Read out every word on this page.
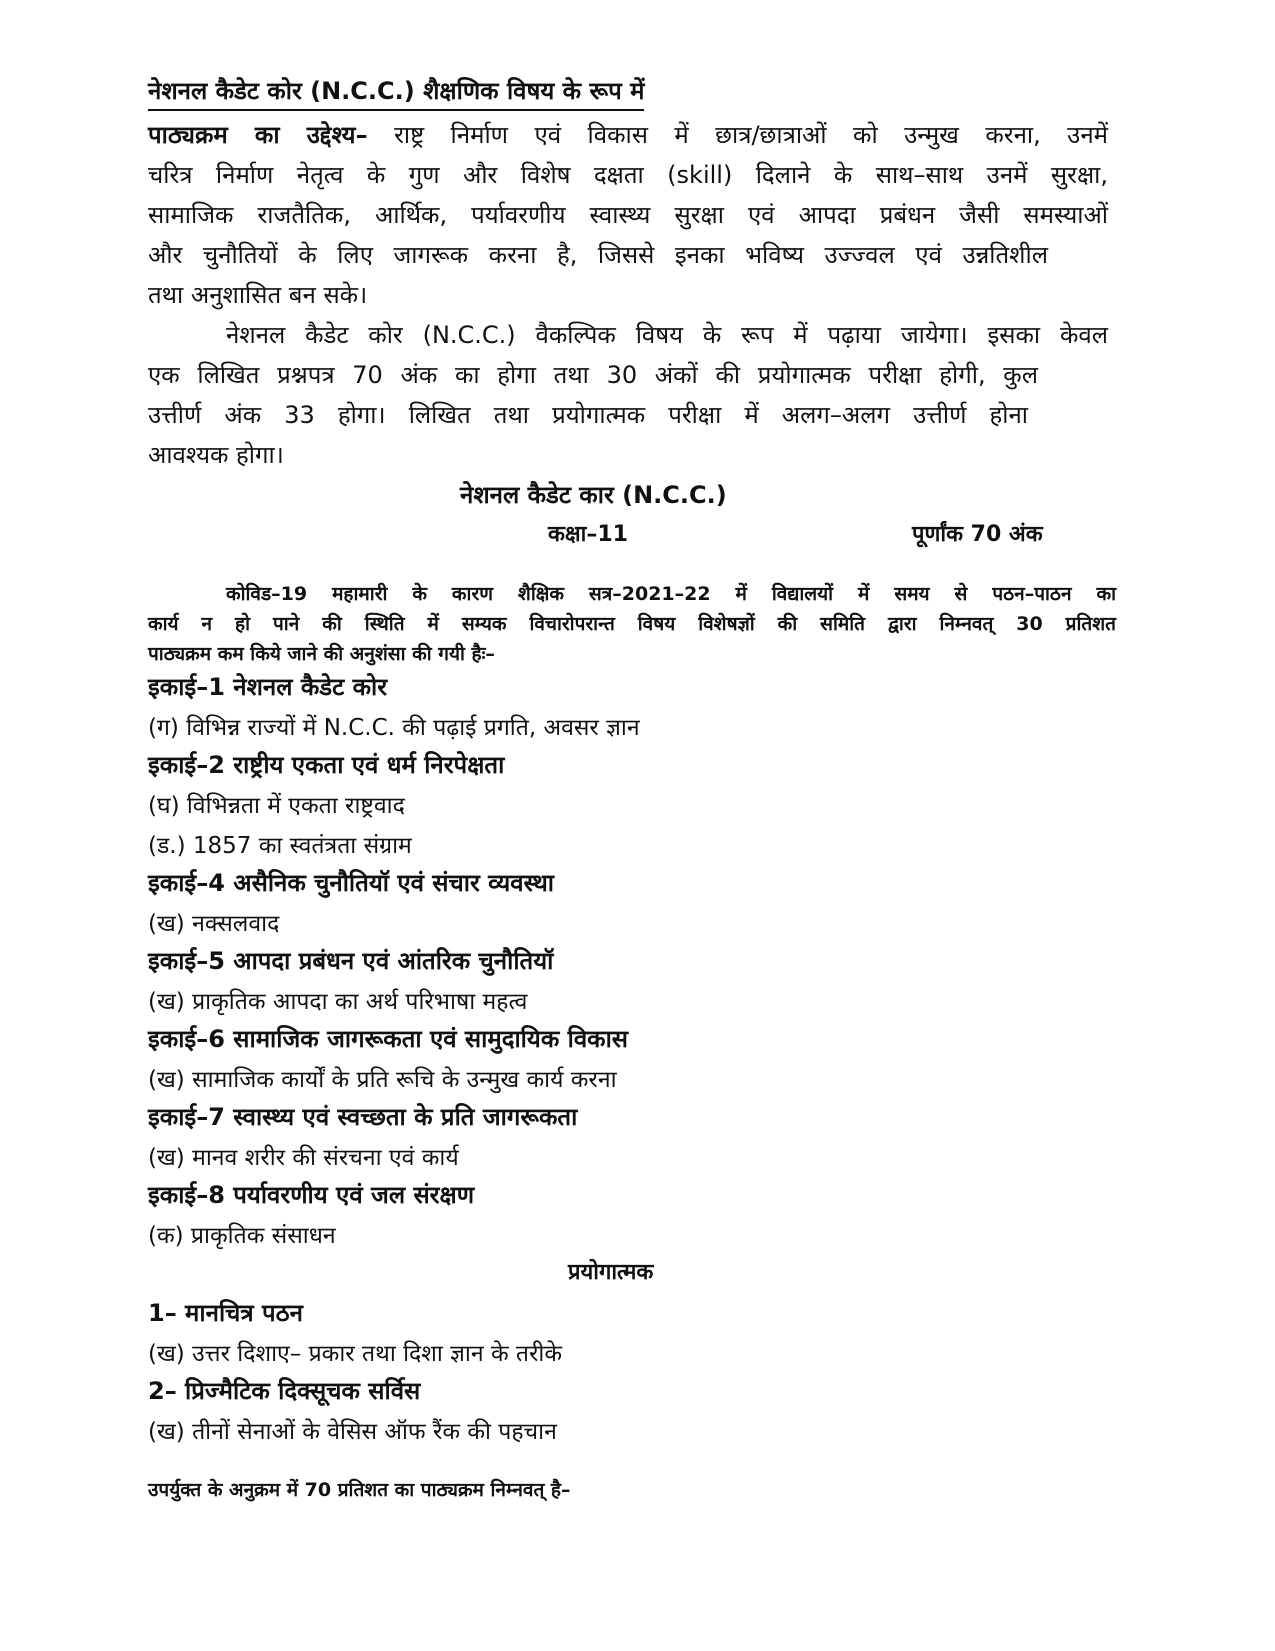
नेशनल कैडेट कोर (N.C.C.) शैक्षणिक विषय के रूप में
पाठ्यक्रम का उद्देश्य– राष्ट्र निर्माण एवं विकास में छात्र/छात्राओं को उन्मुख करना, उनमें
चरित्र निर्माण नेतृत्व के गुण और विशेष दक्षता (skill) दिलाने के साथ–साथ उनमें सुरक्षा,
सामाजिक राजतैतिक, आर्थिक, पर्यावरणीय स्वास्थ्य सुरक्षा एवं आपदा प्रबंधन जैसी समस्याओं
और चुनौतियों के लिए जागरूक करना है, जिससे इनका भविष्य उज्ज्वल एवं उन्नतिशील
तथा अनुशासित बन सके।
नेशनल कैडेट कोर (N.C.C.) वैकल्पिक विषय के रूप में पढ़ाया जायेगा। इसका केवल
एक लिखित प्रश्नपत्र 70 अंक का होगा तथा 30 अंकों की प्रयोगात्मक परीक्षा होगी, कुल
उत्तीर्ण अंक 33 होगा। लिखित तथा प्रयोगात्मक परीक्षा में अलग–अलग उत्तीर्ण होना
आवश्यक होगा।
नेशनल कैडेट कार (N.C.C.)
कक्षा–11	पूर्णांक 70 अंक
कोविड–19 महामारी के कारण शैक्षिक सत्र–2021–22 में विद्यालयों में समय से पठन–पाठन का
कार्य न हो पाने की स्थिति में सम्यक विचारोपरान्त विषय विशेषज्ञों की समिति द्वारा निम्नवत् 30 प्रतिशत
पाठ्यक्रम कम किये जाने की अनुशंसा की गयी हैः–
इकाई–1 नेशनल कैडेट कोर
(ग) विभिन्न राज्यों में N.C.C. की पढ़ाई प्रगति, अवसर ज्ञान
इकाई–2 राष्ट्रीय एकता एवं धर्म निरपेक्षता
(घ) विभिन्नता में एकता राष्ट्रवाद
(ड.) 1857 का स्वतंत्रता संग्राम
इकाई–4 असैनिक चुनौतियॉ एवं संचार व्यवस्था
(ख) नक्सलवाद
इकाई–5 आपदा प्रबंधन एवं आंतरिक चुनौतियॉ
(ख) प्राकृतिक आपदा का अर्थ परिभाषा महत्व
इकाई–6 सामाजिक जागरूकता एवं सामुदायिक विकास
(ख) सामाजिक कार्यों के प्रति रूचि के उन्मुख कार्य करना
इकाई–7 स्वास्थ्य एवं स्वच्छता के प्रति जागरूकता
(ख) मानव शरीर की संरचना एवं कार्य
इकाई–8 पर्यावरणीय एवं जल संरक्षण
(क) प्राकृतिक संसाधन
प्रयोगात्मक
1– मानचित्र पठन
(ख) उत्तर दिशाए– प्रकार तथा दिशा ज्ञान के तरीके
2– प्रिज्मैटिक दिक्सूचक सर्विस
(ख) तीनों सेनाओं के वेसिस ऑफ रैंक की पहचान
उपर्युक्त के अनुक्रम में 70 प्रतिशत का पाठ्यक्रम निम्नवत् है–
